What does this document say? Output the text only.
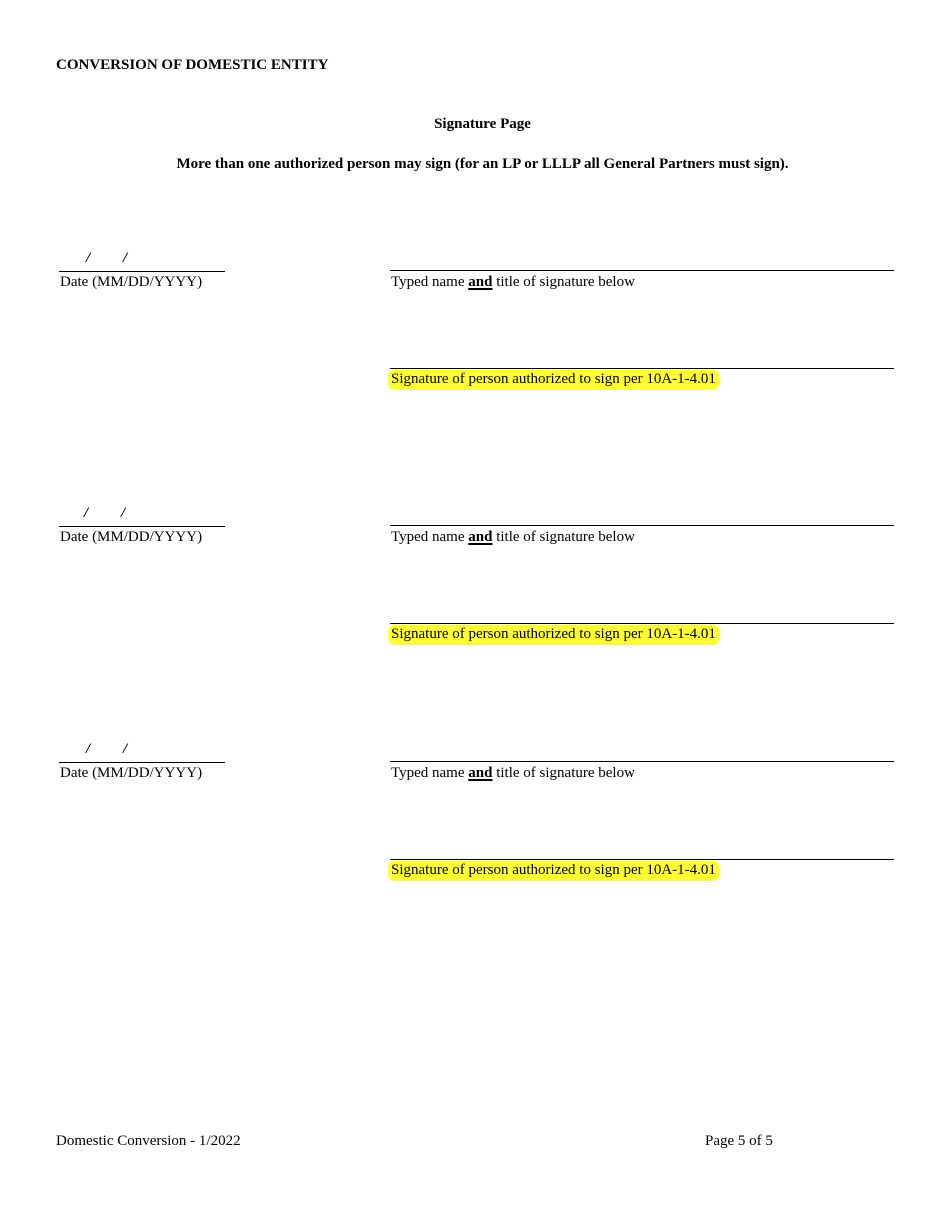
CONVERSION OF DOMESTIC ENTITY
Signature Page
More than one authorized person may sign (for an LP or LLLP all General Partners must sign).
/ /
Date (MM/DD/YYYY)	Typed name and title of signature below
Signature of person authorized to sign per 10A-1-4.01
/ /
Date (MM/DD/YYYY)	Typed name and title of signature below
Signature of person authorized to sign per 10A-1-4.01
/ /
Date (MM/DD/YYYY)	Typed name and title of signature below
Signature of person authorized to sign per 10A-1-4.01
Domestic Conversion - 1/2022	Page 5 of 5
